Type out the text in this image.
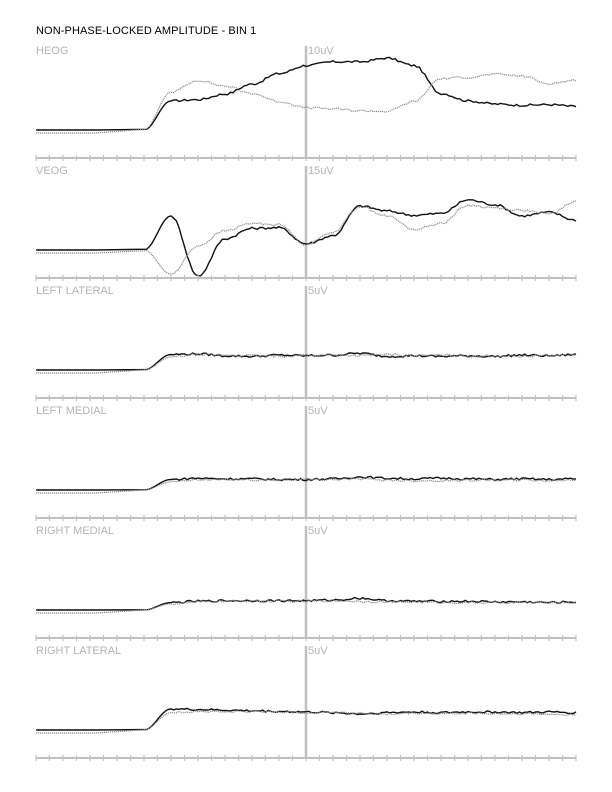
NON-PHASE-LOCKED AMPLITUDE - BIN 1
HEOG	10uV
VEOG	15uV
LEFT LATERAL	5uV
LEFT MEDIAL	5uV
RIGHT MEDIAL	5uV
RIGHT LATERAL	5uV
